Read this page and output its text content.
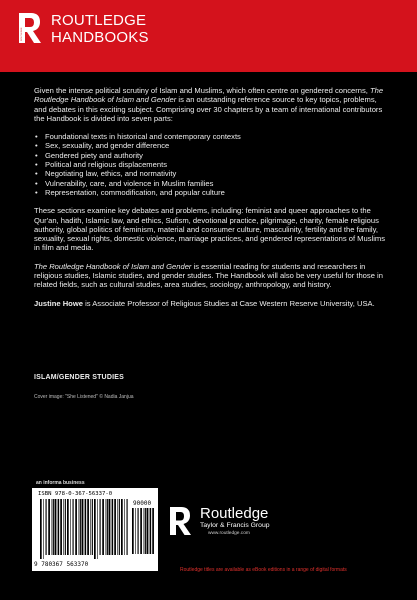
ROUTLEDGE
ROUTLEDGE
HANDBOOKS

Given the intense political scrutiny of Islam and Muslims, which often centre on gendered concerns, The Routledge Handbook of Islam and Gender is an outstanding reference source to key topics, problems, and debates in this exciting subject. Comprising over 30 chapters by a team of international contributors the Handbook is divided into seven parts:

• Foundational texts in historical and contemporary contexts
• Sex, sexuality, and gender difference
• Gendered piety and authority
• Political and religious displacements
• Negotiating law, ethics, and normativity
• Vulnerability, care, and violence in Muslim families
• Representation, commodification, and popular culture

These sections examine key debates and problems, including: feminist and queer approaches to the Qur'an, hadith, Islamic law, and ethics, Sufism, devotional practice, pilgrimage, charity, female religious authority, global politics of feminism, material and consumer culture, masculinity, fertility and the family, sexuality, sexual rights, domestic violence, marriage practices, and gendered representations of Muslims in film and media.

The Routledge Handbook of Islam and Gender is essential reading for students and researchers in religious studies, Islamic studies, and gender studies. The Handbook will also be very useful for those in related fields, such as cultural studies, area studies, sociology, anthropology, and history.

Justine Howe is Associate Professor of Religious Studies at Case Western Reserve University, USA.

ISLAM/GENDER STUDIES
Cover image: "She Listened" © Nadia Janjua
an informa business
ISBN 978-0-367-56337-0
90000
9 780367 563370
Routledge
Taylor & Francis Group
www.routledge.com
Routledge titles are available as eBook editions in a range of digital formats
